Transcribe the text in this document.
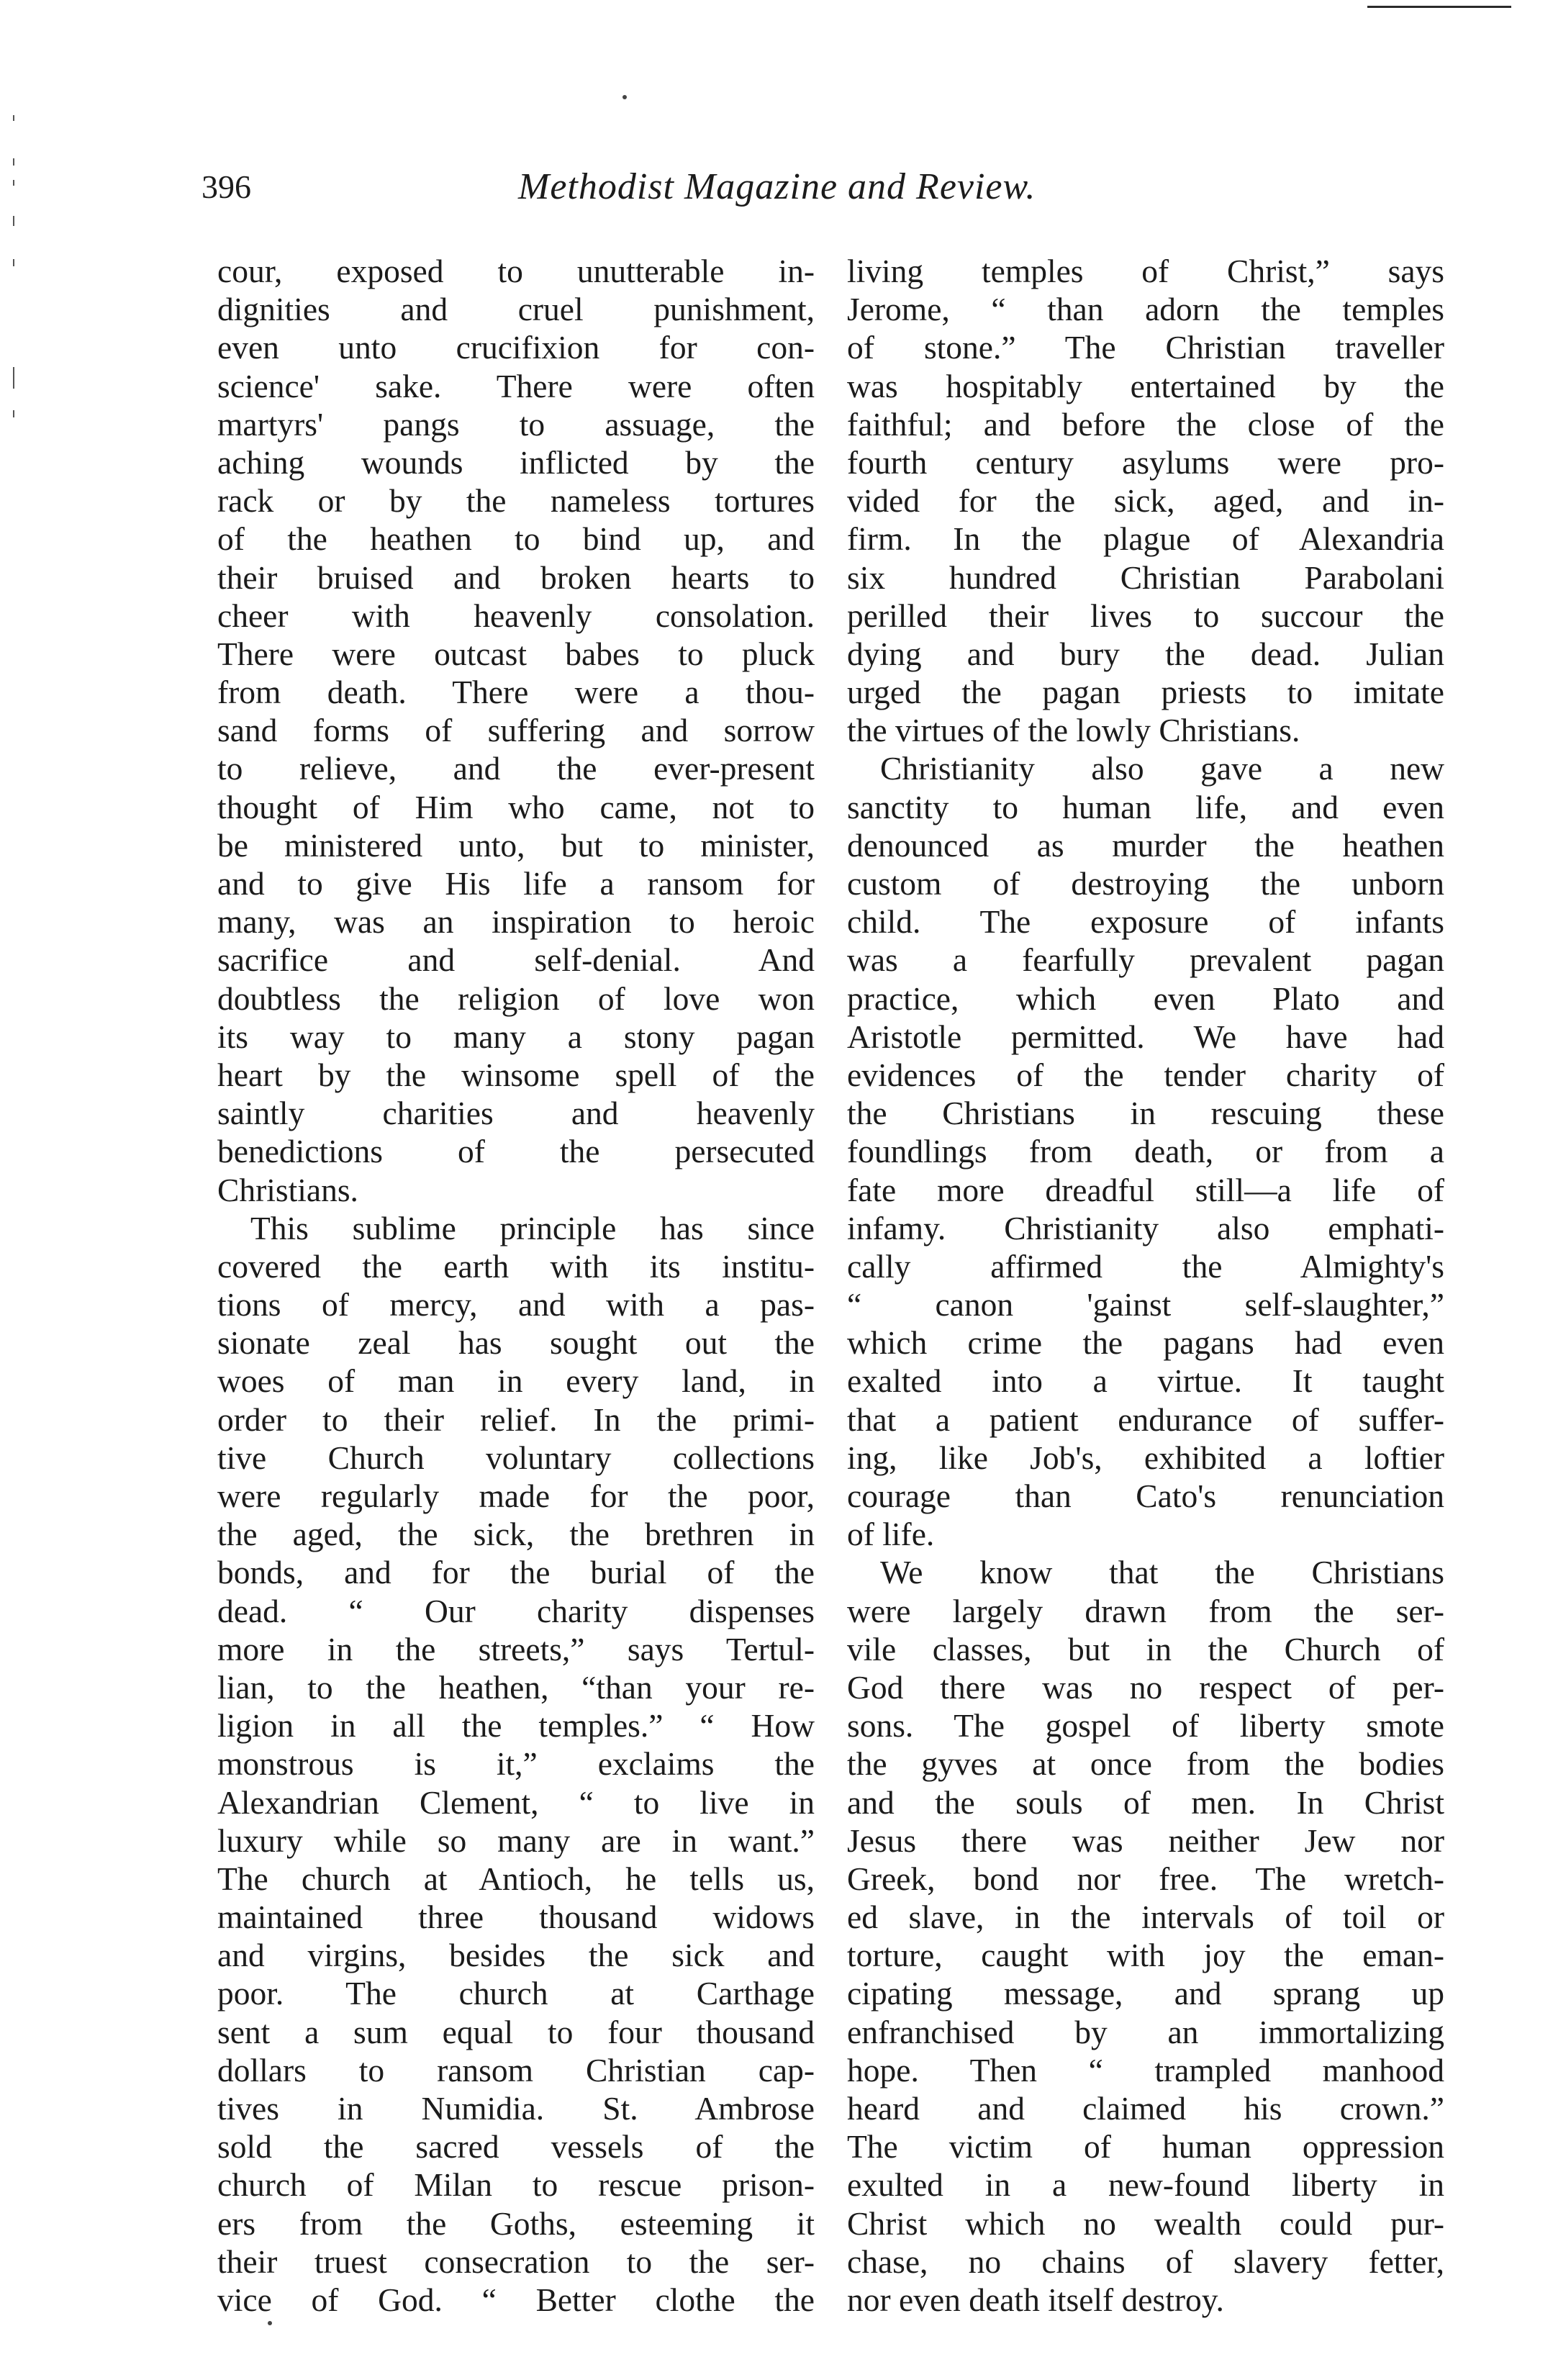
396	Methodist Magazine and Review.
cour, exposed to unutterable in-
dignities and cruel punishment,
even unto crucifixion for con-
science' sake. There were often
martyrs' pangs to assuage, the
aching wounds inflicted by the
rack or by the nameless tortures
of the heathen to bind up, and
their bruised and broken hearts to
cheer with heavenly consolation.
There were outcast babes to pluck
from death. There were a thou-
sand forms of suffering and sorrow
to relieve, and the ever-present
thought of Him who came, not to
be ministered unto, but to minister,
and to give His life a ransom for
many, was an inspiration to heroic
sacrifice and self-denial. And
doubtless the religion of love won
its way to many a stony pagan
heart by the winsome spell of the
saintly charities and heavenly
benedictions of the persecuted
Christians.
This sublime principle has since
covered the earth with its institu-
tions of mercy, and with a pas-
sionate zeal has sought out the
woes of man in every land, in
order to their relief. In the primi-
tive Church voluntary collections
were regularly made for the poor,
the aged, the sick, the brethren in
bonds, and for the burial of the
dead. “ Our charity dispenses
more in the streets,” says Tertul-
lian, to the heathen, “than your re-
ligion in all the temples.” “ How
monstrous is it,” exclaims the
Alexandrian Clement, “ to live in
luxury while so many are in want.”
The church at Antioch, he tells us,
maintained three thousand widows
and virgins, besides the sick and
poor. The church at Carthage
sent a sum equal to four thousand
dollars to ransom Christian cap-
tives in Numidia. St. Ambrose
sold the sacred vessels of the
church of Milan to rescue prison-
ers from the Goths, esteeming it
their truest consecration to the ser-
vice of God. “ Better clothe the
living temples of Christ,” says
Jerome, “ than adorn the temples
of stone.” The Christian traveller
was hospitably entertained by the
faithful; and before the close of the
fourth century asylums were pro-
vided for the sick, aged, and in-
firm. In the plague of Alexandria
six hundred Christian Parabolani
perilled their lives to succour the
dying and bury the dead. Julian
urged the pagan priests to imitate
the virtues of the lowly Christians.
Christianity also gave a new
sanctity to human life, and even
denounced as murder the heathen
custom of destroying the unborn
child. The exposure of infants
was a fearfully prevalent pagan
practice, which even Plato and
Aristotle permitted. We have had
evidences of the tender charity of
the Christians in rescuing these
foundlings from death, or from a
fate more dreadful still—a life of
infamy. Christianity also emphati-
cally affirmed the Almighty's
“ canon 'gainst self-slaughter,”
which crime the pagans had even
exalted into a virtue. It taught
that a patient endurance of suffer-
ing, like Job's, exhibited a loftier
courage than Cato's renunciation
of life.
We know that the Christians
were largely drawn from the ser-
vile classes, but in the Church of
God there was no respect of per-
sons. The gospel of liberty smote
the gyves at once from the bodies
and the souls of men. In Christ
Jesus there was neither Jew nor
Greek, bond nor free. The wretch-
ed slave, in the intervals of toil or
torture, caught with joy the eman-
cipating message, and sprang up
enfranchised by an immortalizing
hope. Then “ trampled manhood
heard and claimed his crown.”
The victim of human oppression
exulted in a new-found liberty in
Christ which no wealth could pur-
chase, no chains of slavery fetter,
nor even death itself destroy.
